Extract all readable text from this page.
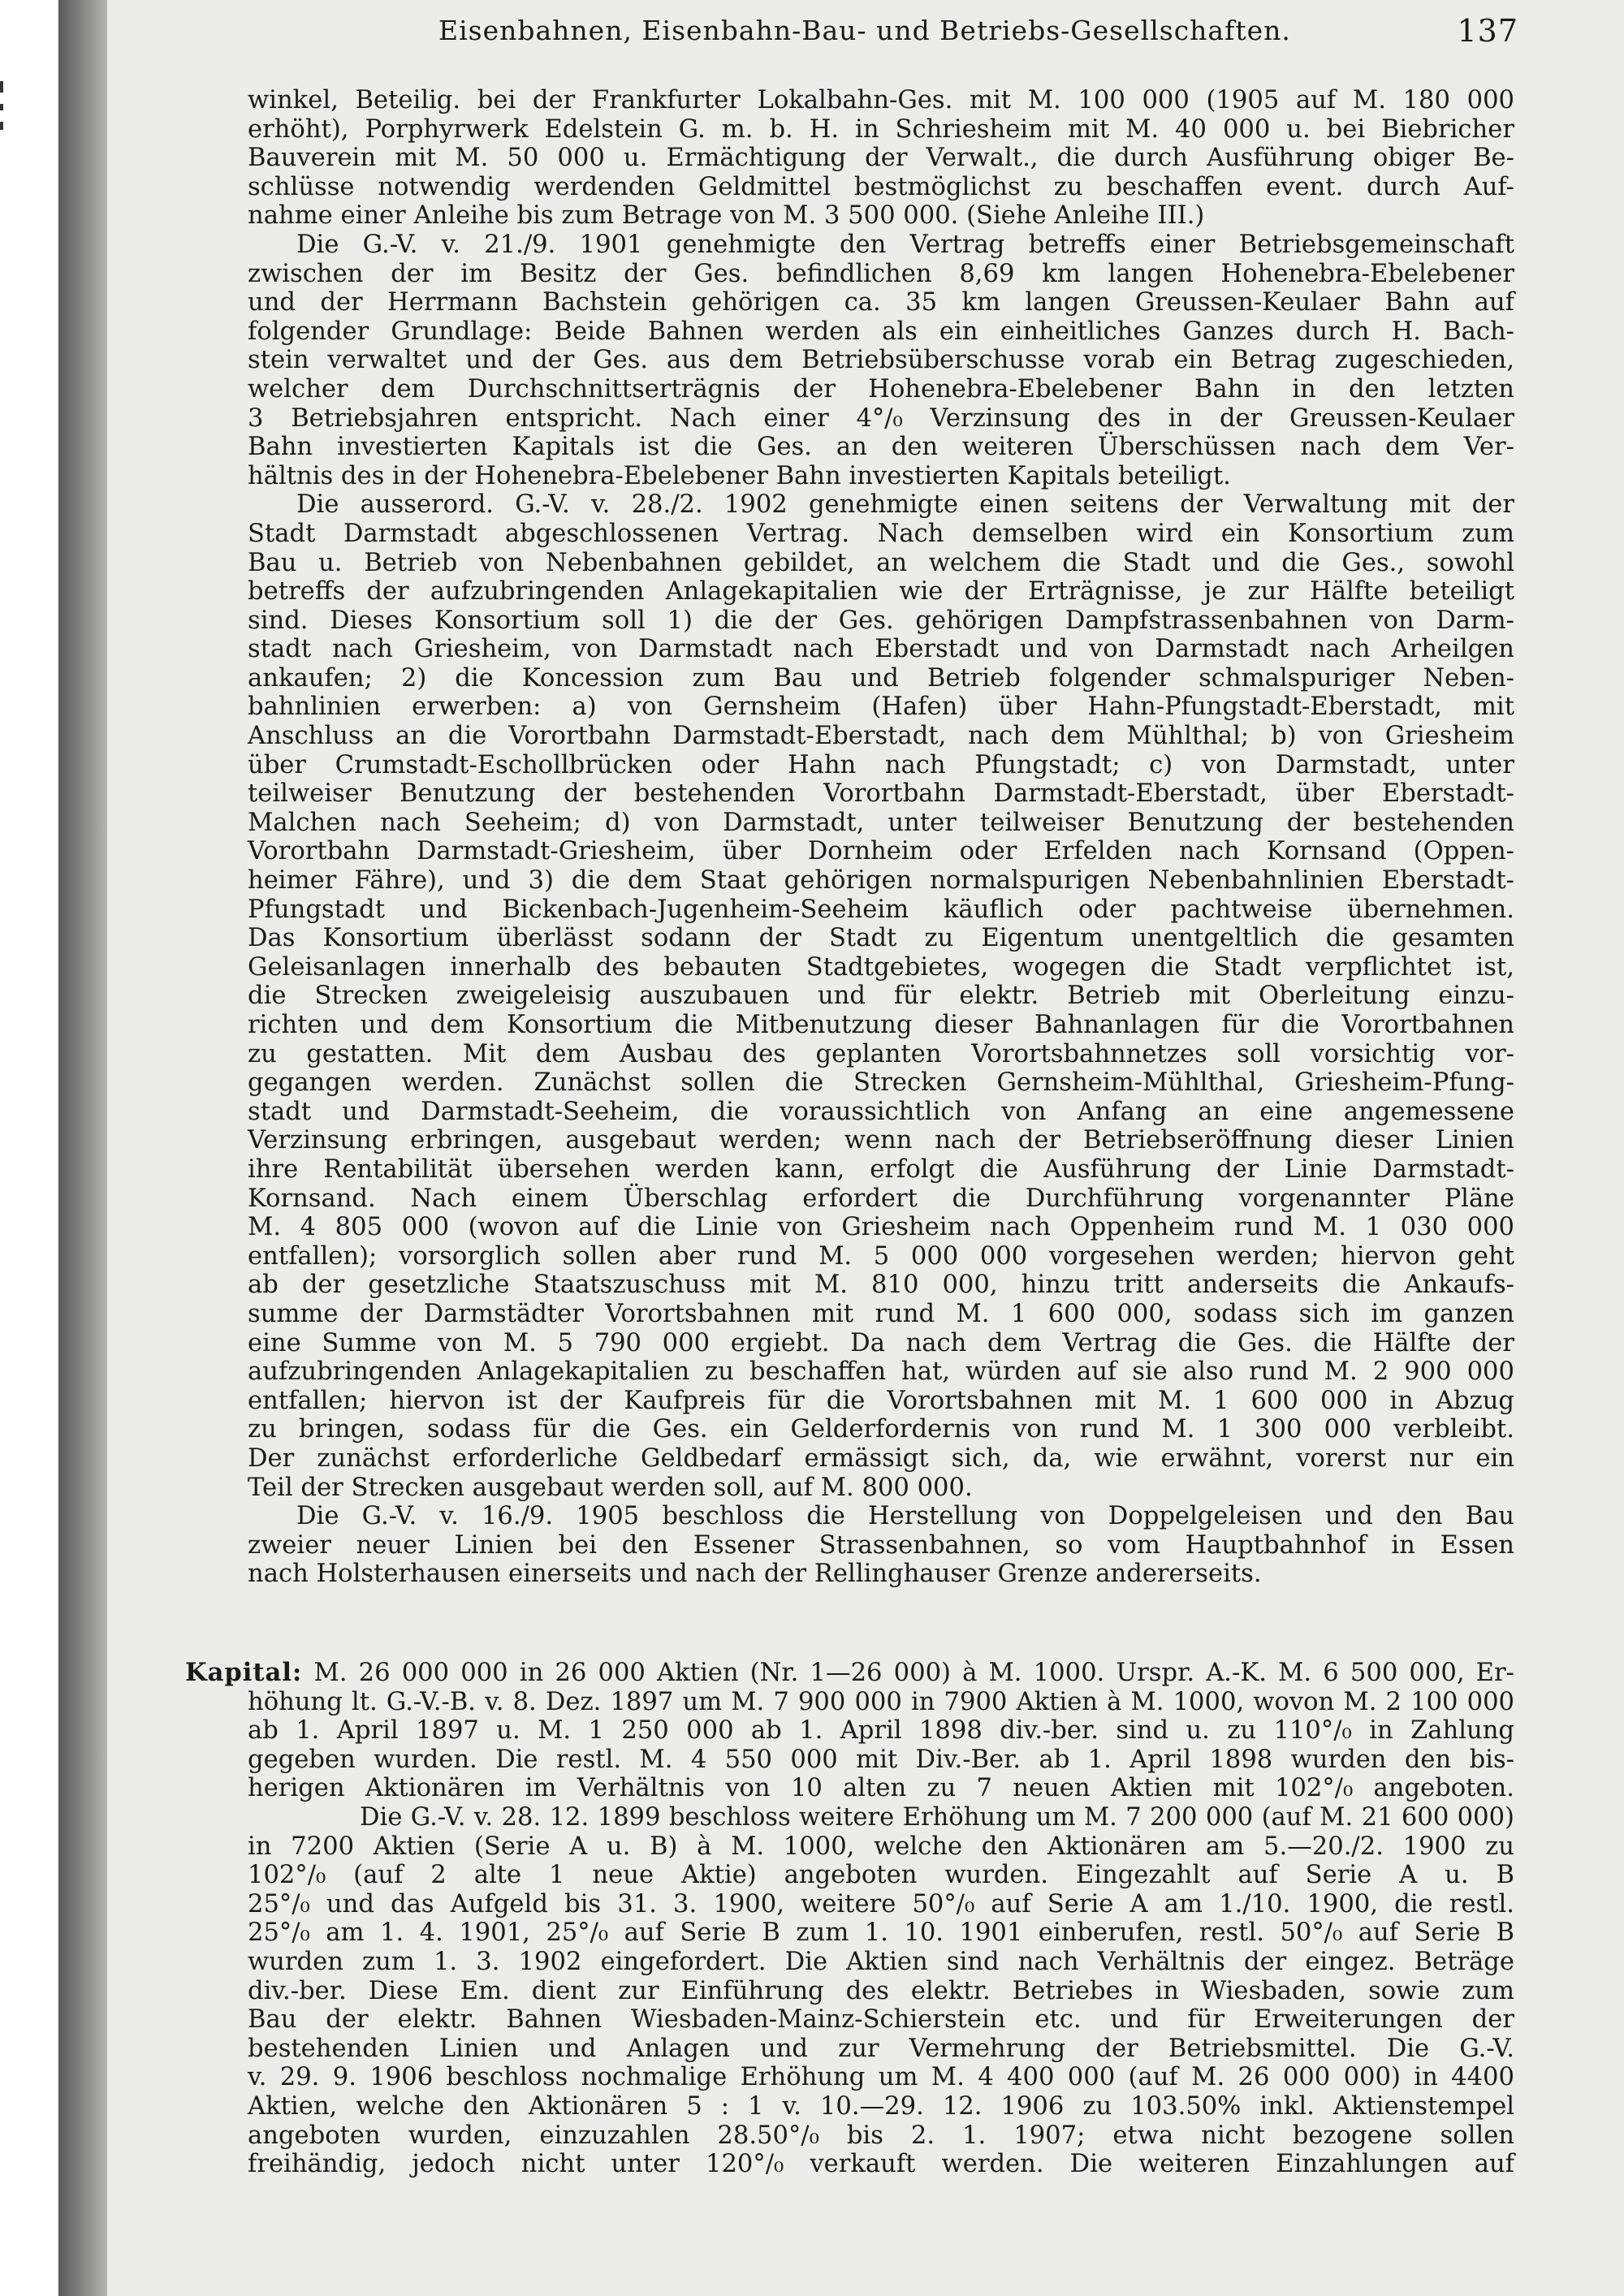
Eisenbahnen, Eisenbahn-Bau- und Betriebs-Gesellschaften.	137

winkel, Beteilig. bei der Frankfurter Lokalbahn-Ges. mit M. 100 000 (1905 auf M. 180 000

erhöht), Porphyrwerk Edelstein G. m. b. H. in Schriesheim mit M. 40 000 u. bei Biebricher

Bauverein mit M. 50 000 u. Ermächtigung der Verwalt., die durch Ausführung obiger Be-

schlüsse notwendig werdenden Geldmittel bestmöglichst zu beschaffen event. durch Auf-

nahme einer Anleihe bis zum Betrage von M. 3 500 000. (Siehe Anleihe III.)

Die G.-V. v. 21./9. 1901 genehmigte den Vertrag betreffs einer Betriebsgemeinschaft

zwischen der im Besitz der Ges. befindlichen 8,69 km langen Hohenebra-Ebelebener

und der Herrmann Bachstein gehörigen ca. 35 km langen Greussen-Keulaer Bahn auf

folgender Grundlage: Beide Bahnen werden als ein einheitliches Ganzes durch H. Bach-

stein verwaltet und der Ges. aus dem Betriebsüberschusse vorab ein Betrag zugeschieden,

welcher dem Durchschnittserträgnis der Hohenebra-Ebelebener Bahn in den letzten

3 Betriebsjahren entspricht. Nach einer 4°/₀ Verzinsung des in der Greussen-Keulaer

Bahn investierten Kapitals ist die Ges. an den weiteren Überschüssen nach dem Ver-

hältnis des in der Hohenebra-Ebelebener Bahn investierten Kapitals beteiligt.

Die ausserord. G.-V. v. 28./2. 1902 genehmigte einen seitens der Verwaltung mit der

Stadt Darmstadt abgeschlossenen Vertrag. Nach demselben wird ein Konsortium zum

Bau u. Betrieb von Nebenbahnen gebildet, an welchem die Stadt und die Ges., sowohl

betreffs der aufzubringenden Anlagekapitalien wie der Erträgnisse, je zur Hälfte beteiligt

sind. Dieses Konsortium soll 1) die der Ges. gehörigen Dampfstrassenbahnen von Darm-

stadt nach Griesheim, von Darmstadt nach Eberstadt und von Darmstadt nach Arheilgen

ankaufen; 2) die Koncession zum Bau und Betrieb folgender schmalspuriger Neben-

bahnlinien erwerben: a) von Gernsheim (Hafen) über Hahn-Pfungstadt-Eberstadt, mit

Anschluss an die Vorortbahn Darmstadt-Eberstadt, nach dem Mühlthal; b) von Griesheim

über Crumstadt-Eschollbrücken oder Hahn nach Pfungstadt; c) von Darmstadt, unter

teilweiser Benutzung der bestehenden Vorortbahn Darmstadt-Eberstadt, über Eberstadt-

Malchen nach Seeheim; d) von Darmstadt, unter teilweiser Benutzung der bestehenden

Vorortbahn Darmstadt-Griesheim, über Dornheim oder Erfelden nach Kornsand (Oppen-

heimer Fähre), und 3) die dem Staat gehörigen normalspurigen Nebenbahnlinien Eberstadt-

Pfungstadt und Bickenbach-Jugenheim-Seeheim käuflich oder pachtweise übernehmen.

Das Konsortium überlässt sodann der Stadt zu Eigentum unentgeltlich die gesamten

Geleisanlagen innerhalb des bebauten Stadtgebietes, wogegen die Stadt verpflichtet ist,

die Strecken zweigeleisig auszubauen und für elektr. Betrieb mit Oberleitung einzu-

richten und dem Konsortium die Mitbenutzung dieser Bahnanlagen für die Vorortbahnen

zu gestatten. Mit dem Ausbau des geplanten Vorortsbahnnetzes soll vorsichtig vor-

gegangen werden. Zunächst sollen die Strecken Gernsheim-Mühlthal, Griesheim-Pfung-

stadt und Darmstadt-Seeheim, die voraussichtlich von Anfang an eine angemessene

Verzinsung erbringen, ausgebaut werden; wenn nach der Betriebseröffnung dieser Linien

ihre Rentabilität übersehen werden kann, erfolgt die Ausführung der Linie Darmstadt-

Kornsand. Nach einem Überschlag erfordert die Durchführung vorgenannter Pläne

M. 4 805 000 (wovon auf die Linie von Griesheim nach Oppenheim rund M. 1 030 000

entfallen); vorsorglich sollen aber rund M. 5 000 000 vorgesehen werden; hiervon geht

ab der gesetzliche Staatszuschuss mit M. 810 000, hinzu tritt anderseits die Ankaufs-

summe der Darmstädter Vorortsbahnen mit rund M. 1 600 000, sodass sich im ganzen

eine Summe von M. 5 790 000 ergiebt. Da nach dem Vertrag die Ges. die Hälfte der

aufzubringenden Anlagekapitalien zu beschaffen hat, würden auf sie also rund M. 2 900 000

entfallen; hiervon ist der Kaufpreis für die Vorortsbahnen mit M. 1 600 000 in Abzug

zu bringen, sodass für die Ges. ein Gelderfordernis von rund M. 1 300 000 verbleibt.

Der zunächst erforderliche Geldbedarf ermässigt sich, da, wie erwähnt, vorerst nur ein

Teil der Strecken ausgebaut werden soll, auf M. 800 000.

Die G.-V. v. 16./9. 1905 beschloss die Herstellung von Doppelgeleisen und den Bau

zweier neuer Linien bei den Essener Strassenbahnen, so vom Hauptbahnhof in Essen

nach Holsterhausen einerseits und nach der Rellinghauser Grenze andererseits.

Kapital: M. 26 000 000 in 26 000 Aktien (Nr. 1—26 000) à M. 1000. Urspr. A.-K. M. 6 500 000, Er-

höhung lt. G.-V.-B. v. 8. Dez. 1897 um M. 7 900 000 in 7900 Aktien à M. 1000, wovon M. 2 100 000

ab 1. April 1897 u. M. 1 250 000 ab 1. April 1898 div.-ber. sind u. zu 110°/₀ in Zahlung

gegeben wurden. Die restl. M. 4 550 000 mit Div.-Ber. ab 1. April 1898 wurden den bis-

herigen Aktionären im Verhältnis von 10 alten zu 7 neuen Aktien mit 102°/₀ angeboten.

Die G.-V. v. 28. 12. 1899 beschloss weitere Erhöhung um M. 7 200 000 (auf M. 21 600 000)

in 7200 Aktien (Serie A u. B) à M. 1000, welche den Aktionären am 5.—20./2. 1900 zu

102°/₀ (auf 2 alte 1 neue Aktie) angeboten wurden. Eingezahlt auf Serie A u. B

25°/₀ und das Aufgeld bis 31. 3. 1900, weitere 50°/₀ auf Serie A am 1./10. 1900, die restl.

25°/₀ am 1. 4. 1901, 25°/₀ auf Serie B zum 1. 10. 1901 einberufen, restl. 50°/₀ auf Serie B

wurden zum 1. 3. 1902 eingefordert. Die Aktien sind nach Verhältnis der eingez. Beträge

div.-ber. Diese Em. dient zur Einführung des elektr. Betriebes in Wiesbaden, sowie zum

Bau der elektr. Bahnen Wiesbaden-Mainz-Schierstein etc. und für Erweiterungen der

bestehenden Linien und Anlagen und zur Vermehrung der Betriebsmittel. Die G.-V.

v. 29. 9. 1906 beschloss nochmalige Erhöhung um M. 4 400 000 (auf M. 26 000 000) in 4400

Aktien, welche den Aktionären 5 : 1 v. 10.—29. 12. 1906 zu 103.50% inkl. Aktienstempel

angeboten wurden, einzuzahlen 28.50°/₀ bis 2. 1. 1907; etwa nicht bezogene sollen

freihändig, jedoch nicht unter 120°/₀ verkauft werden. Die weiteren Einzahlungen auf
